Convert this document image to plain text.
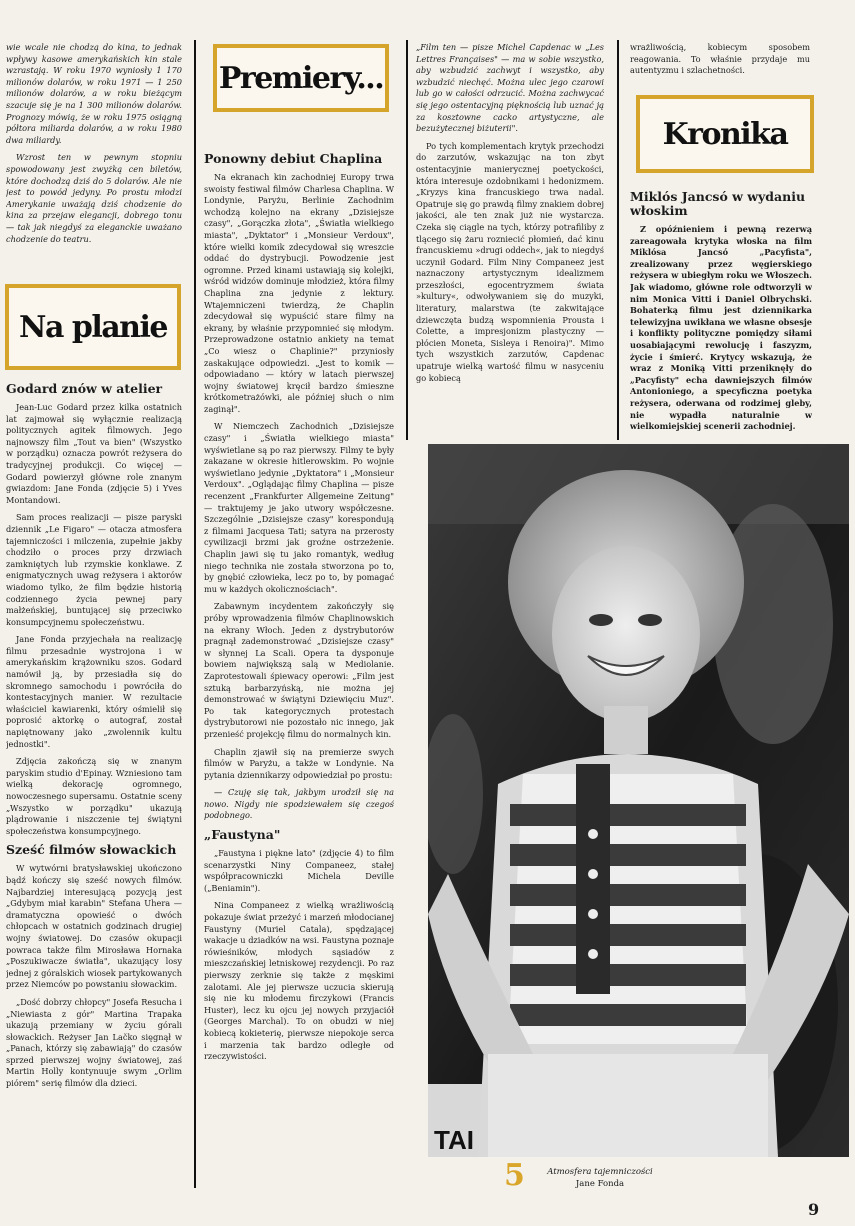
wie wcale nie chodzą do kina, to jednak wpływy kasowe amerykańskich kin stale wzrastają. W roku 1970 wyniosły 1 170 milionów dolarów, w roku 1971 — 1 250 milionów dolarów, a w roku bieżącym szacuje się je na 1 300 milionów dolarów. Prognozy mówią, że w roku 1975 osiągną półtora miliarda dolarów, a w roku 1980 dwa miliardy.

Wzrost ten w pewnym stopniu spowodowany jest zwyżką cen biletów, które dochodzą dziś do 5 dolarów. Ale nie jest to powód jedyny. Po prostu młodzi Amerykanie uważają dziś chodzenie do kina za przejaw elegancji, dobrego tonu — tak jak niegdyś za eleganckie uważano chodzenie do teatru.

Na planie
Godard znów w atelier

Jean-Luc Godard przez kilka ostatnich lat zajmował się wyłącznie realizacją politycznych agitek filmowych. Jego najnowszy film „Tout va bien" (Wszystko w porządku) oznacza powrót reżysera do tradycyjnej produkcji. Co więcej — Godard powierzył główne role znanym gwiazdom: Jane Fonda (zdjęcie 5) i Yves Montandowi.

Sam proces realizacji — pisze paryski dziennik „Le Figaro" — otacza atmosfera tajemniczości i milczenia, zupełnie jakby chodziło o proces przy drzwiach zamkniętych lub rzymskie konklawe. Z enigmatycznych uwag reżysera i aktorów wiadomo tylko, że film będzie historią codziennego życia pewnej pary małżeńskiej, buntującej się przeciwko konsumpcyjnemu społeczeństwu.

Jane Fonda przyjechała na realizację filmu przesadnie wystrojona i w amerykańskim krążowniku szos. Godard namówił ją, by przesiadła się do skromnego samochodu i powróciła do kontestacyjnych manier. W rezultacie właściciel kawiarenki, który ośmielił się poprosić aktorkę o autograf, został napiętnowany jako „zwolennik kultu jednostki".

Zdjęcia zakończą się w znanym paryskim studio d'Epinay. Wzniesiono tam wielką dekorację ogromnego, nowoczesnego supersamu. Ostatnie sceny „Wszystko w porządku" ukazują plądrowanie i niszczenie tej świątyni społeczeństwa konsumpcyjnego.

Sześć filmów słowackich

W wytwórni bratysławskiej ukończono bądź kończy się sześć nowych filmów. Najbardziej interesującą pozycją jest „Gdybym miał karabin" Stefana Uhera — dramatyczna opowieść o dwóch chłopcach w ostatnich godzinach drugiej wojny światowej. Do czasów okupacji powraca także film Mirosława Hornaka „Poszukiwacze światła", ukazujący losy jednej z góralskich wiosek partykowanych przez Niemców po powstaniu słowackim.

„Dość dobrzy chłopcy" Josefa Resucha i „Niewiasta z gór" Martina Trapaka ukazują przemiany w życiu górali słowackich. Reżyser Jan Lačko sięgnął w „Panach, którzy się zabawiają" do czasów sprzed pierwszej wojny światowej, zaś Martin Holly kontynuuje swym „Orlim piórem" serię filmów dla dzieci.

Premiery...
Ponowny debiut Chaplina

Na ekranach kin zachodniej Europy trwa swoisty festiwal filmów Charlesa Chaplina. W Londynie, Paryżu, Berlinie Zachodnim wchodzą kolejno na ekrany „Dzisiejsze czasy", „Gorączka złota", „Światła wielkiego miasta", „Dyktator" i „Monsieur Verdoux", które wielki komik zdecydował się wreszcie oddać do dystrybucji. Powodzenie jest ogromne. Przed kinami ustawiają się kolejki, wśród widzów dominuje młodzież, która filmy Chaplina zna jedynie z lektury. Wtajemniczeni twierdzą, że Chaplin zdecydował się wypuścić stare filmy na ekrany, by właśnie przypomnieć się młodym. Przeprowadzone ostatnio ankiety na temat „Co wiesz o Chaplinie?" przyniosły zaskakujące odpowiedzi. „Jest to komik — odpowiadano — który w latach pierwszej wojny światowej kręcił bardzo śmieszne krótkometrażówki, ale później słuch o nim zaginął".

W Niemczech Zachodnich „Dzisiejsze czasy" i „Światła wielkiego miasta" wyświetlane są po raz pierwszy. Filmy te były zakazane w okresie hitlerowskim. Po wojnie wyświetlano jedynie „Dyktatora" i „Monsieur Verdoux". „Oglądając filmy Chaplina — pisze recenzent „Frankfurter Allgemeine Zeitung" — traktujemy je jako utwory współczesne. Szczególnie „Dzisiejsze czasy" korespondują z filmami Jacquesa Tati; satyra na przerosty cywilizacji brzmi jak groźne ostrzeżenie. Chaplin jawi się tu jako romantyk, według niego technika nie została stworzona po to, by gnębić człowieka, lecz po to, by pomagać mu w każdych okolicznościach".

Zabawnym incydentem zakończyły się próby wprowadzenia filmów Chaplinowskich na ekrany Włoch. Jeden z dystrybutorów pragnął zademonstrować „Dzisiejsze czasy" w słynnej La Scali. Opera ta dysponuje bowiem największą salą w Mediolanie. Zaprotestowali śpiewacy operowi: „Film jest sztuką barbarzyńską, nie można jej demonstrować w świątyni Dziewięciu Muz". Po tak kategorycznych protestach dystrybutorowi nie pozostało nic innego, jak przenieść projekcję filmu do normalnych kin.

Chaplin zjawił się na premierze swych filmów w Paryżu, a także w Londynie. Na pytania dziennikarzy odpowiedział po prostu:

— Czuję się tak, jakbym urodził się na nowo. Nigdy nie spodziewałem się czegoś podobnego.

„Faustyna"

„Faustyna i piękne lato" (zdjęcie 4) to film scenarzystki Niny Companeez, stałej współpracowniczki Michela Deville („Beniamin").

Nina Companeez z wielką wrażliwością pokazuje świat przeżyć i marzeń młodocianej Faustyny (Muriel Catala), spędzającej wakacje u dziadków na wsi. Faustyna poznaje rówieśników, młodych sąsiadów z mieszczańskiej letniskowej rezydencji. Po raz pierwszy zerknie się także z męskimi zalotami. Ale jej pierwsze uczucia skierują się nie ku młodemu firczykowi (Francis Huster), lecz ku ojcu jej nowych przyjaciół (Georges Marchal). To on obudzi w niej kobiecą kokieterię, pierwsze niepokoje serca i marzenia tak bardzo odległe od rzeczywistości.

„Film ten — pisze Michel Capdenac w „Les Lettres Françaises" — ma w sobie wszystko, aby wzbudzić zachwyt i wszystko, aby wzbudzić niechęć. Można ulec jego czarowi lub go w całości odrzucić. Można zachwycać się jego ostentacyjną pięknością lub uznać ją za kosztowne cacko artystyczne, ale bezużytecznej biżuterii".

Po tych komplementach krytyk przechodzi do zarzutów, wskazując na ton zbyt ostentacyjnie manierycznej poetyckości, która interesuje ozdobnikami i hedonizmem. „Kryzys kina francuskiego trwa nadal. Opatruje się go prawdą filmy znakiem dobrej jakości, ale ten znak już nie wystarcza. Czeka się ciągle na tych, którzy potrafiliby z tlącego się żaru rozniecić płomień, dać kinu francuskiemu »drugi oddech«, jak to niegdyś uczynił Godard. Film Niny Companeez jest naznaczony artystycznym idealizmem przeszłości, egocentryzmem świata »kultury«, odwoływaniem się do muzyki, literatury, malarstwa (te zakwitające dziewczęta budzą wspomnienia Prousta i Colette, a impresjonizm plastyczny — płócien Moneta, Sisleya i Renoira)". Mimo tych wszystkich zarzutów, Capdenac upatruje wielką wartość filmu w nasyceniu go kobiecą

wrażliwością, kobiecym sposobem reagowania. To właśnie przydaje mu autentyzmu i szlachetności.

Kronika
Miklós Jancsó w wydaniu włoskim

Z opóźnieniem i pewną rezerwą zareagowała krytyka włoska na film Miklósa Jancsó „Pacyfista", zrealizowany przez węgierskiego reżysera w ubiegłym roku we Włoszech. Jak wiadomo, główne role odtworzyli w nim Monica Vitti i Daniel Olbrychski. Bohaterką filmu jest dziennikarka telewizyjna uwikłana we własne obsesje i konflikty polityczne pomiędzy siłami uosabiającymi rewolucję i faszyzm, życie i śmierć. Krytycy wskazują, że wraz z Moniką Vitti przeniknęły do „Pacyfisty" echa dawniejszych filmów Antonioniego, a specyficzna poetyka reżysera, oderwana od rodzimej gleby, nie wypadła naturalnie w wielkomiejskiej scenerii zachodniej.

TAI
5	Atmosfera tajemniczości
Jane Fonda
9
